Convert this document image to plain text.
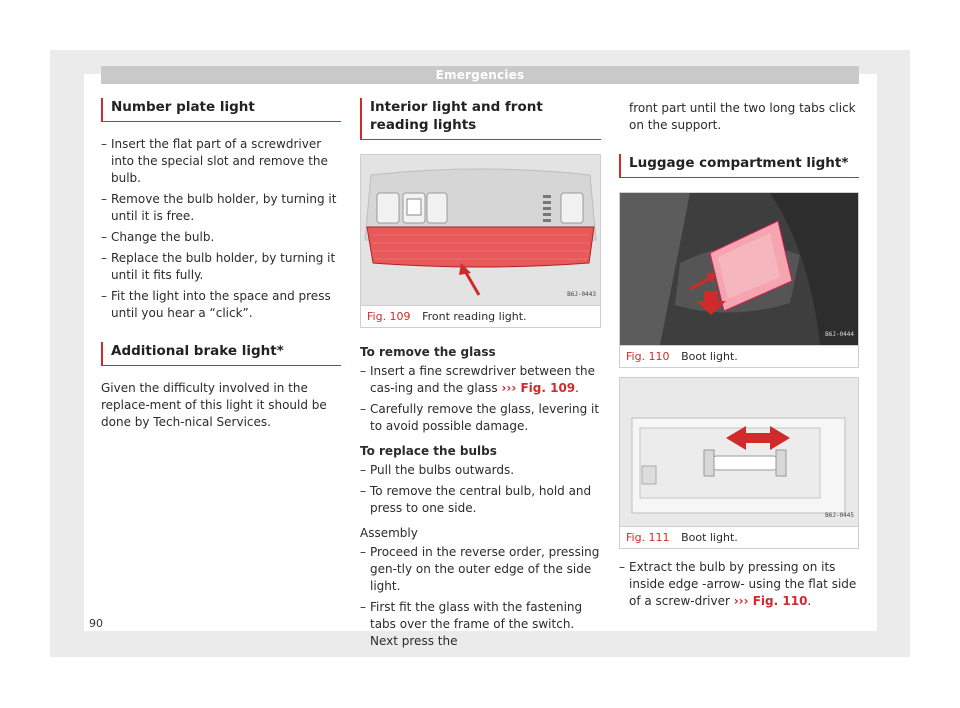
Emergencies
Number plate light
– Insert the flat part of a screwdriver into the special slot and remove the bulb.
– Remove the bulb holder, by turning it until it is free.
– Change the bulb.
– Replace the bulb holder, by turning it until it fits fully.
– Fit the light into the space and press until you hear a “click”.
Additional brake light*

Given the difficulty involved in the replace-ment of this light it should be done by Tech-nical Services.

Interior light and front reading lights
B6J-0443
Fig. 109 Front reading light.
To remove the glass
– Insert a fine screwdriver between the cas-ing and the glass ››› Fig. 109.
– Carefully remove the glass, levering it to avoid possible damage.
To replace the bulbs
– Pull the bulbs outwards.
– To remove the central bulb, hold and press to one side.
Assembly
– Proceed in the reverse order, pressing gen-tly on the outer edge of the side light.
– First fit the glass with the fastening tabs over the frame of the switch. Next press the

front part until the two long tabs click on the support.

Luggage compartment light*
B6J-0444
Fig. 110 Boot light.
B6J-0445
Fig. 111 Boot light.
– Extract the bulb by pressing on its inside edge -arrow- using the flat side of a screw-driver ››› Fig. 110.
90
